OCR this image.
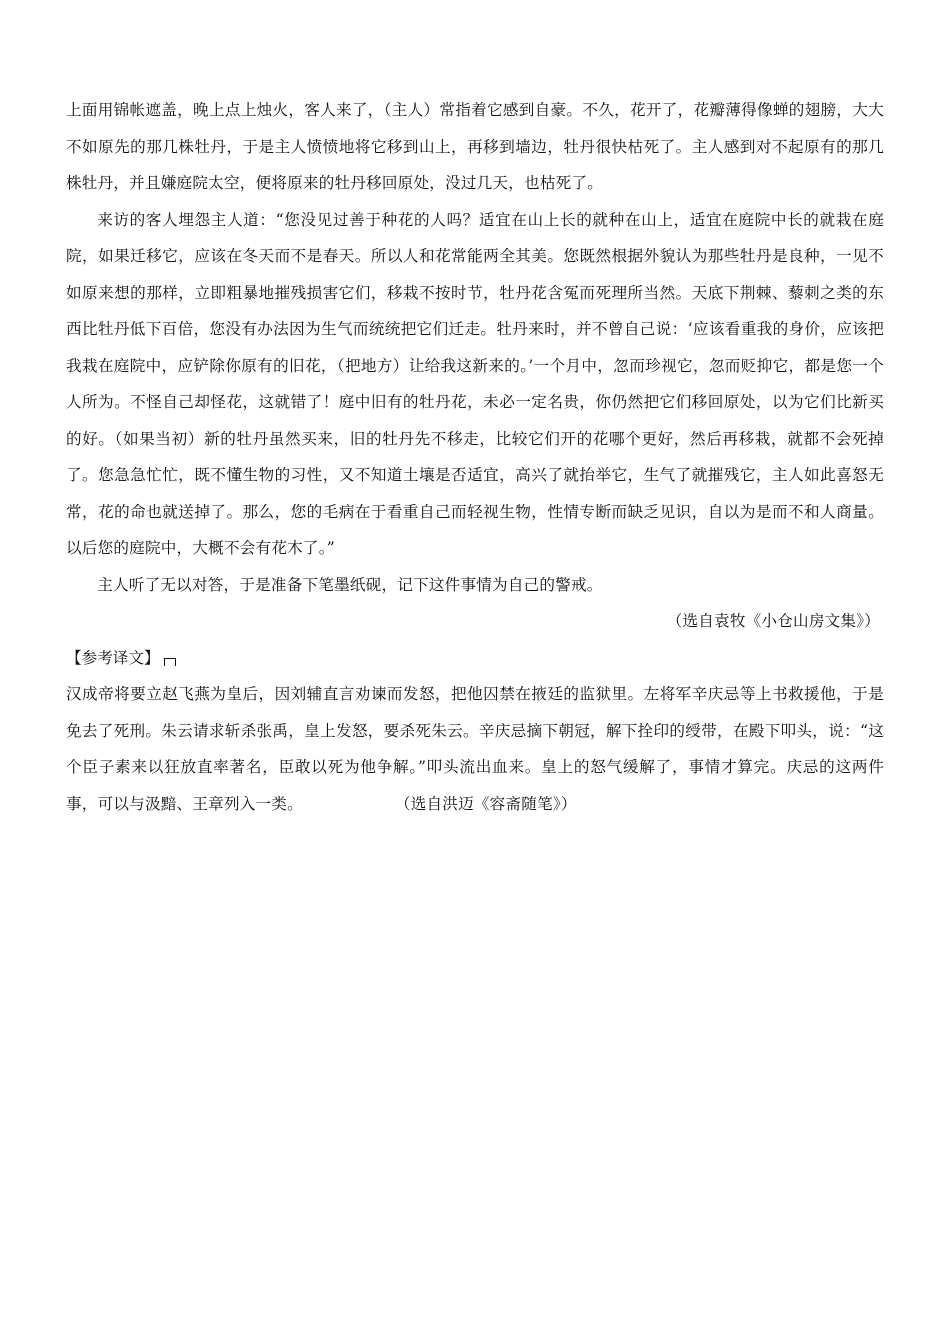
上面用锦帐遮盖，晚上点上烛火，客人来了，（主人）常指着它感到自豪。不久，花开了，花瓣薄得像蝉的翅膀，大大不如原先的那几株牡丹，于是主人愤愤地将它移到山上，再移到墙边，牡丹很快枯死了。主人感到对不起原有的那几株牡丹，并且嫌庭院太空，便将原来的牡丹移回原处，没过几天，也枯死了。

来访的客人埋怨主人道：“您没见过善于种花的人吗？适宜在山上长的就种在山上，适宜在庭院中长的就栽在庭院，如果迁移它，应该在冬天而不是春天。所以人和花常能两全其美。您既然根据外貌认为那些牡丹是良种，一见不如原来想的那样，立即粗暴地摧残损害它们，移栽不按时节，牡丹花含冤而死理所当然。天底下荆棘、藜刺之类的东西比牡丹低下百倍，您没有办法因为生气而统统把它们迁走。牡丹来时，并不曾自己说：‘应该看重我的身价，应该把我栽在庭院中，应铲除你原有的旧花，（把地方）让给我这新来的。’一个月中，忽而珍视它，忽而贬抑它，都是您一个人所为。不怪自己却怪花，这就错了！庭中旧有的牡丹花，未必一定名贵，你仍然把它们移回原处，以为它们比新买的好。（如果当初）新的牡丹虽然买来，旧的牡丹先不移走，比较它们开的花哪个更好，然后再移栽，就都不会死掉了。您急急忙忙，既不懂生物的习性，又不知道土壤是否适宜，高兴了就抬举它，生气了就摧残它，主人如此喜怒无常，花的命也就送掉了。那么，您的毛病在于看重自己而轻视生物，性情专断而缺乏见识，自以为是而不和人商量。以后您的庭院中，大概不会有花木了。”

主人听了无以对答，于是准备下笔墨纸砚，记下这件事情为自己的警戒。

（选自袁牧《小仓山房文集》）

【参考译文】

汉成帝将要立赵飞燕为皇后，因刘辅直言劝谏而发怒，把他囚禁在掖廷的监狱里。左将军辛庆忌等上书救援他，于是免去了死刑。朱云请求斩杀张禹，皇上发怒，要杀死朱云。辛庆忌摘下朝冠，解下拴印的绶带，在殿下叩头，说：“这个臣子素来以狂放直率著名，臣敢以死为他争解。”叩头流出血来。皇上的怒气缓解了，事情才算完。庆忌的这两件事，可以与汲黯、王章列入一类。	（选自洪迈《容斋随笔》）
